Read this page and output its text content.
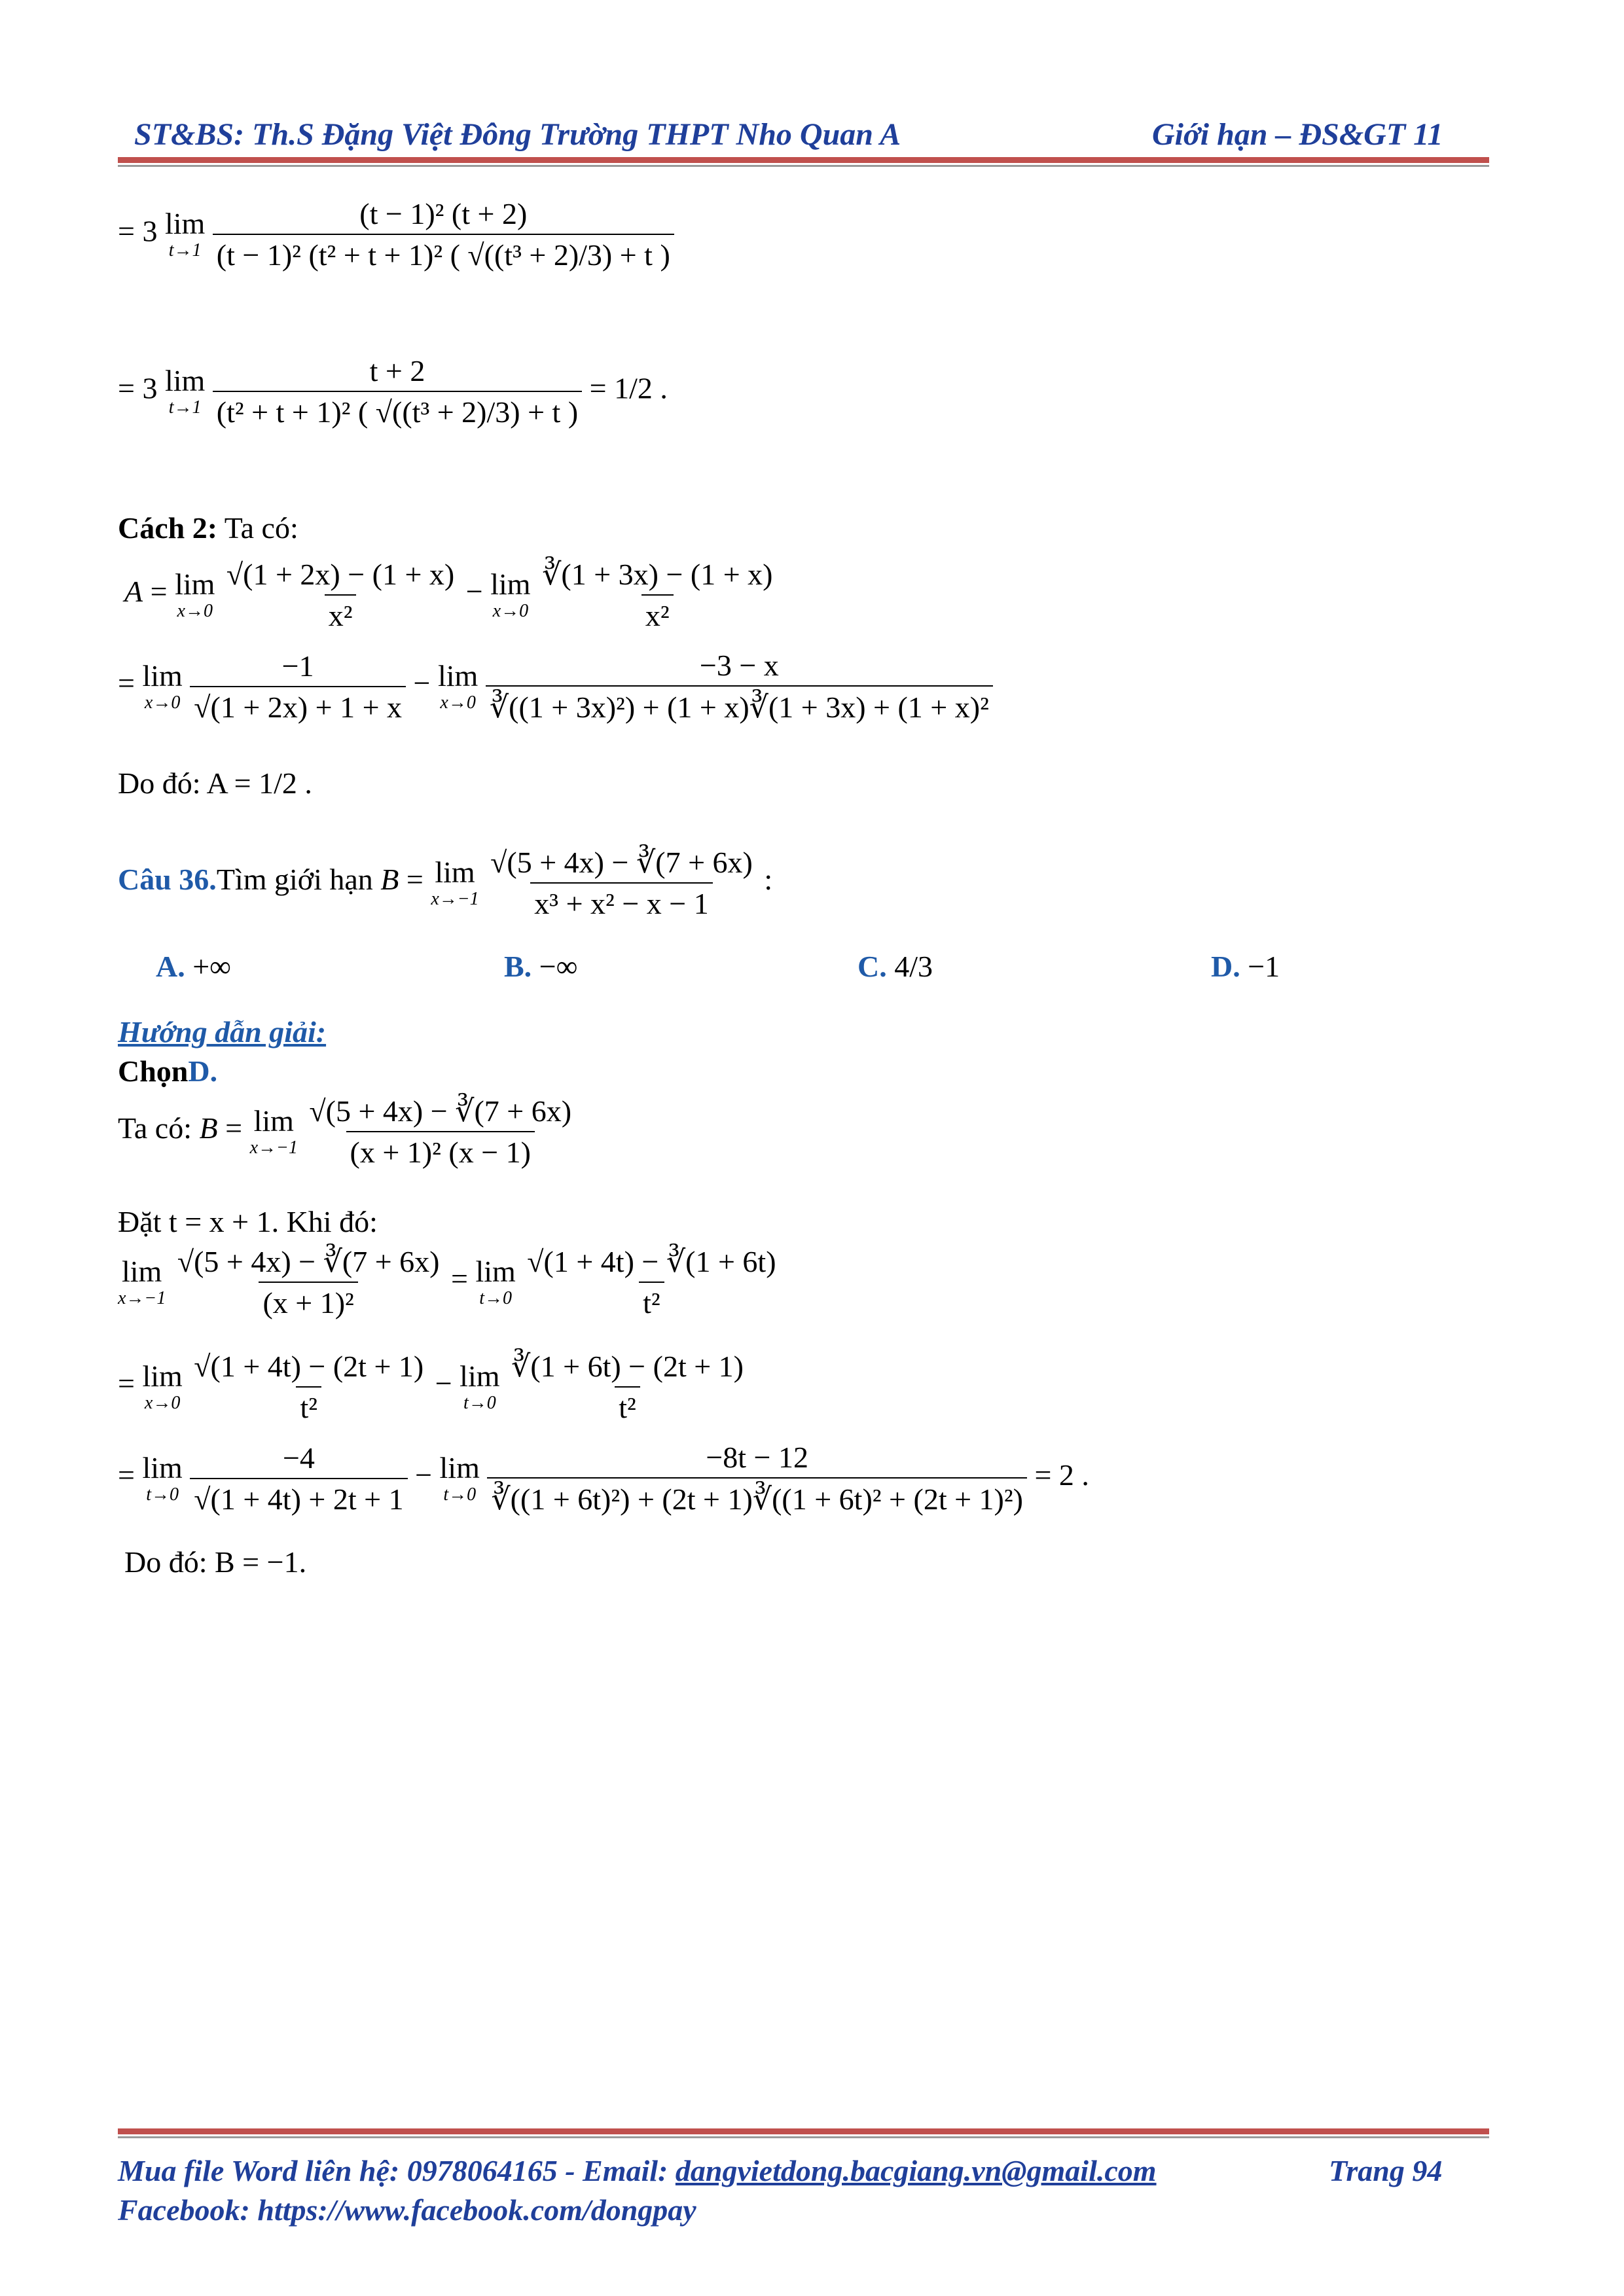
ST&BS: Th.S Đặng Việt Đông Trường THPT Nho Quan A	Giới hạn – ĐS&GT 11
= 3 lim
t→1
$\frac{\text{(t − 1)² (t + 2)}}{\text{(t − 1)² (t² + t + 1)² ( √((t³ + 2)/3) + t )}}$
= 3 lim
t→1
$\frac{t + 2}{\text{(t² + t + 1)² ( √((t³ + 2)/3) + t )}} = 1/2$ .
Cách 2: Ta có:
A = lim
x→0
$\frac{√(1 + 2x) - (1 + x)}{\text{x²}} - \lim$
x→0
$\frac{∛(1 + 3x) - (1 + x)}{\text{x²}}$
= lim
x→0
$\frac{-1}{√(1 + 2x) + 1 + x} - \lim$
x→0
$\frac{-3 - x}{\text{∛((1 + 3x)²) + (1 + x)∛(1 + 3x) + (1 + x)²}}$
Do đó: A = 1/2 .
Câu 36.Tìm giới hạn B = lim
x→−1
$\frac{√(5 + 4x) - ∛(7 + 6x)}{\text{x³ + x² − x − 1}}$ :
A. +∞	B. −∞	C. 4/3	D. −1
Hướng dẫn giải:
ChọnD.
Ta có: B = lim
x→−1
$\frac{√(5 + 4x) - ∛(7 + 6x)}{\text{(x + 1)² (x − 1)}}$
Đặt t = x + 1. Khi đó:
lim
x→−1
$\frac{√(5 + 4x) - ∛(7 + 6x)}{\text{(x + 1)²}} = \lim$
t→0
$\frac{√(1 + 4t) - ∛(1 + 6t)}{\text{t²}}$
= lim
x→0
$\frac{√(1 + 4t) - (2t + 1)}{\text{t²}} - \lim$
t→0
$\frac{∛(1 + 6t) - (2t + 1)}{\text{t²}}$
= lim
t→0
$\frac{-4}{√(1 + 4t) + 2t + 1} - \lim$
t→0
$\frac{-8t - 12}{\text{∛((1 + 6t)²) + (2t + 1)∛((1 + 6t)² + (2t + 1)²)}} = 2$ .
Do đó: B = −1.
Mua file Word liên hệ: 0978064165 - Email: dangvietdong.bacgiang.vn@gmail.com	Trang 94
Facebook: https://www.facebook.com/dongpay
